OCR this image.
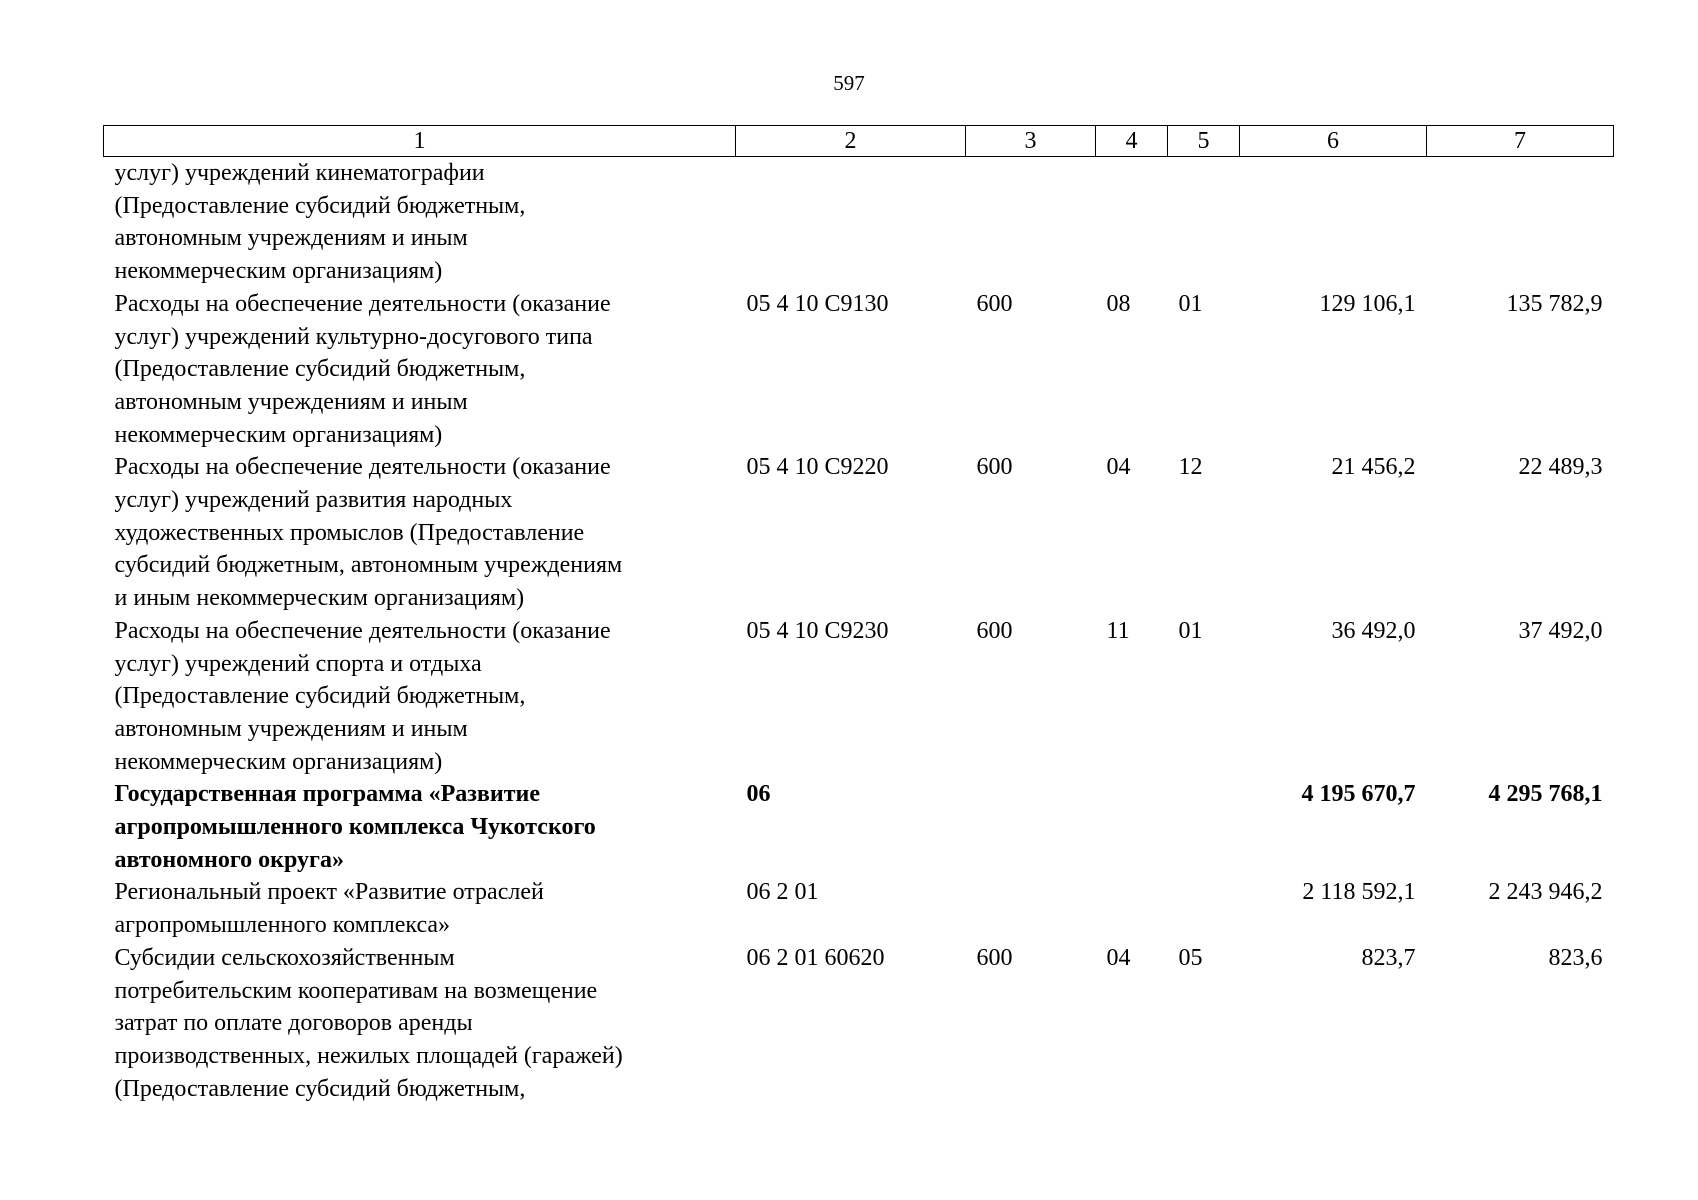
597
1	2	3	4	5	6	7

услуг) учреждений кинематографии
(Предоставление субсидий бюджетным,
автономным учреждениям и иным
некоммерческим организациям)						

Расходы на обеспечение деятельности (оказание
услуг) учреждений культурно-досугового типа
(Предоставление субсидий бюджетным,
автономным учреждениям и иным
некоммерческим организациям)	05 4 10 С9130	600	08	01	129 106,1	135 782,9

Расходы на обеспечение деятельности (оказание
услуг) учреждений развития народных
художественных промыслов (Предоставление
субсидий бюджетным, автономным учреждениям
и иным некоммерческим организациям)	05 4 10 С9220	600	04	12	21 456,2	22 489,3

Расходы на обеспечение деятельности (оказание
услуг) учреждений спорта и отдыха
(Предоставление субсидий бюджетным,
автономным учреждениям и иным
некоммерческим организациям)	05 4 10 С9230	600	11	01	36 492,0	37 492,0

Государственная программа «Развитие
агропромышленного комплекса Чукотского
автономного округа»	06				4 195 670,7	4 295 768,1

Региональный проект «Развитие отраслей
агропромышленного комплекса»	06 2 01				2 118 592,1	2 243 946,2

Субсидии сельскохозяйственным
потребительским кооперативам на возмещение
затрат по оплате договоров аренды
производственных, нежилых площадей (гаражей)
(Предоставление субсидий бюджетным,	06 2 01 60620	600	04	05	823,7	823,6
